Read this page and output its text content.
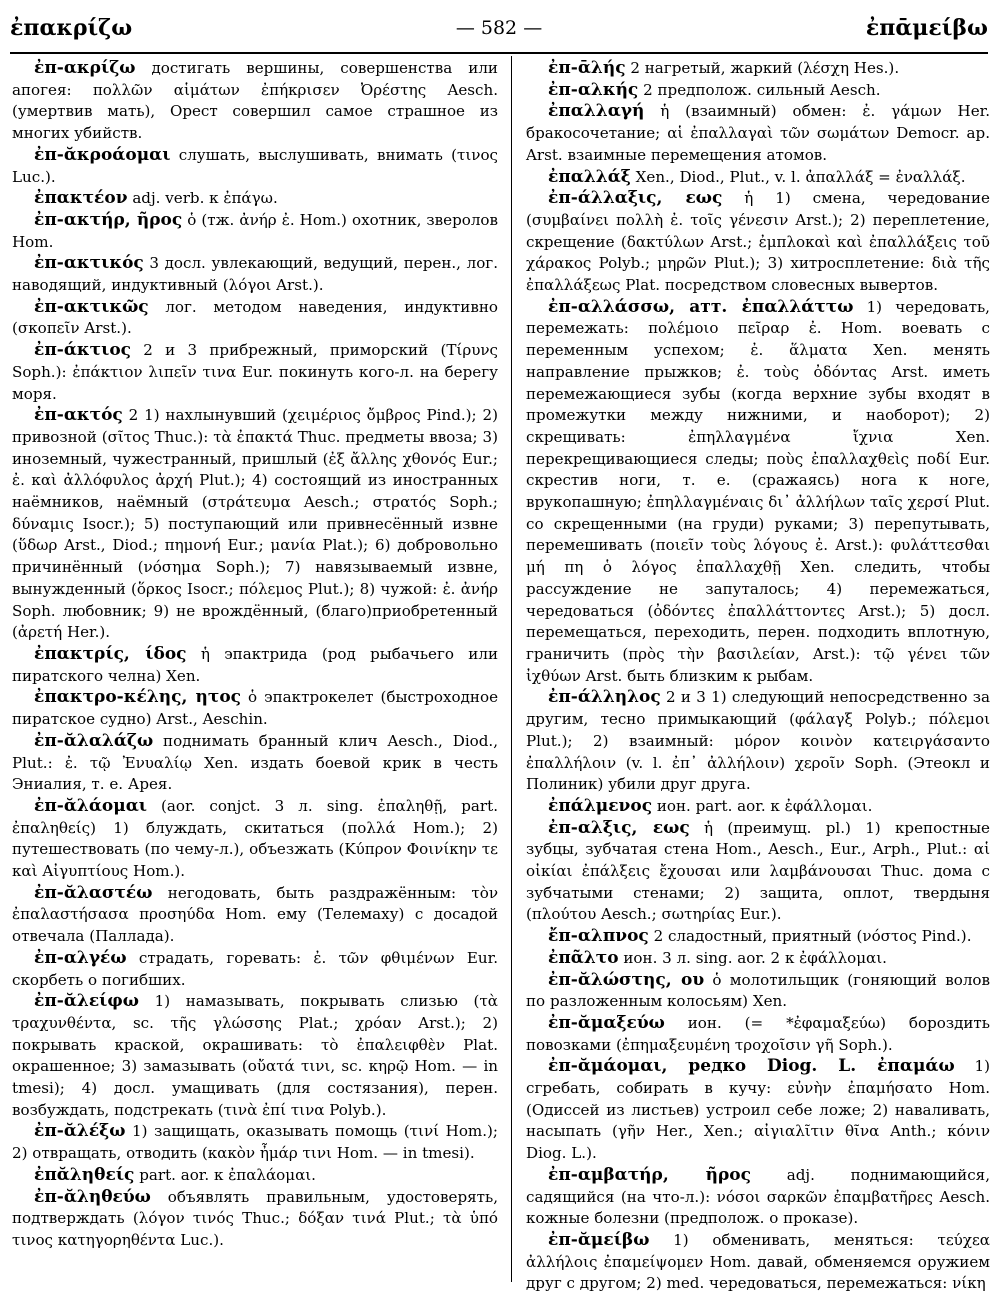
ἐπακρίζω	— 582 —	ἐπᾱμείβω

ἐπ-ακρίζω достигать вершины, совершенства или апогея: πολλῶν αἱμάτων ἐπήκρισεν Ὀρέστης Aesch. (умертвив мать), Орест совершил самое страшное из многих убийств.

ἐπ-ᾰκροάομαι слушать, выслушивать, внимать (τινος Luc.).

ἐπακτέον adj. verb. к ἐπάγω.

ἐπ-ακτήρ, ῆρος ὁ (тж. ἀνήρ ἐ. Hom.) охотник, зверолов Hom.

ἐπ-ακτικός 3 досл. увлекающий, ведущий, перен., лог. наводящий, индуктивный (λόγοι Arst.).

ἐπ-ακτικῶς лог. методом наведения, индуктивно (σκοπεῖν Arst.).

ἐπ-άκτιος 2 и 3 прибрежный, приморский (Τίρυνς Soph.): ἐπάκτιον λιπεῖν τινα Eur. покинуть кого-л. на берегу моря.

ἐπ-ακτός 2 1) нахлынувший (χειμέριος ὄμβρος Pind.); 2) привозной (σῖτος Thuc.): τὰ ἐπακτά Thuc. предметы ввоза; 3) иноземный, чужестранный, пришлый (ἐξ ἄλλης χθονός Eur.; ἐ. καὶ ἀλλόφυλος ἀρχή Plut.); 4) состоящий из иностранных наёмников, наёмный (στράτευμα Aesch.; στρατός Soph.; δύναμις Isocr.); 5) поступающий или привнесённый извне (ὕδωρ Arst., Diod.; πημονή Eur.; μανία Plat.); 6) добровольно причинённый (νόσημα Soph.); 7) навязываемый извне, вынужденный (ὅρκος Isocr.; πόλεμος Plut.); 8) чужой: ἐ. ἀνήρ Soph. любовник; 9) не врождённый, (благо)приобретенный (ἀρετή Her.).

ἐπακτρίς, ίδος ἡ эпактрида (род рыбачьего или пиратского челна) Xen.

ἐπακτρο-κέλης, ητος ὁ эпактрокелет (быстроходное пиратское судно) Arst., Aeschin.

ἐπ-ᾰλαλάζω поднимать бранный клич Aesch., Diod., Plut.: ἐ. τῷ Ἐνυαλίῳ Xen. издать боевой крик в честь Эниалия, т. е. Арея.

ἐπ-ᾰλάομαι (aor. conjct. 3 л. sing. ἐπαληθῇ, part. ἐπαληθείς) 1) блуждать, скитаться (πολλά Hom.); 2) путешествовать (по чему-л.), объезжать (Κύπρον Φοινίκην τε καὶ Αἰγυπτίους Hom.).

ἐπ-ᾰλαστέω негодовать, быть раздражённым: τὸν ἐπαλαστήσασα προσηύδα Hom. ему (Телемаху) с досадой отвечала (Паллада).

ἐπ-αλγέω страдать, горевать: ἐ. τῶν φθιμένων Eur. скорбеть о погибших.

ἐπ-ᾰλείφω 1) намазывать, покрывать слизью (τὰ τραχυνθέντα, sc. τῆς γλώσσης Plat.; χρόαν Arst.); 2) покрывать краской, окрашивать: τὸ ἐπαλειφθὲν Plat. окрашенное; 3) замазывать (οὔατά τινι, sc. κηρῷ Hom. — in tmesi); 4) досл. умащивать (для состязания), перен. возбуждать, подстрекать (τινὰ ἐπί τινα Polyb.).

ἐπ-ᾰλέξω 1) защищать, оказывать помощь (τινί Hom.); 2) отвращать, отводить (κακὸν ἦμάρ τινι Hom. — in tmesi).

ἐπᾰληθείς part. aor. к ἐπαλάομαι.

ἐπ-ᾰληθεύω объявлять правильным, удостоверять, подтверждать (λόγον τινός Thuc.; δόξαν τινά Plut.; τὰ ὑπό τινος κατηγορηθέντα Luc.).

ἐπ-ᾱλής 2 нагретый, жаркий (λέσχη Hes.).

ἐπ-αλκής 2 предполож. сильный Aesch.

ἐπαλλαγή ἡ (взаимный) обмен: ἐ. γάμων Her. бракосочетание; αἱ ἐπαλλαγαὶ τῶν σωμάτων Democr. ap. Arst. взаимные перемещения атомов.

ἐπαλλάξ Xen., Diod., Plut., v. l. ἀπαλλάξ = ἐναλλάξ.

ἐπ-άλλαξις, εως ἡ 1) смена, чередование (συμβαίνει πολλὴ ἐ. τοῖς γένεσιν Arst.); 2) переплетение, скрещение (δακτύλων Arst.; ἐμπλοκαὶ καὶ ἐπαλλάξεις τοῦ χάρακος Polyb.; μηρῶν Plut.); 3) хитросплетение: διὰ τῆς ἐπαλλάξεως Plat. посредством словесных вывертов.

ἐπ-αλλάσσω, атт. ἐπαλλάττω 1) чередовать, перемежать: πολέμοιο πεῖραρ ἐ. Hom. воевать с переменным успехом; ἐ. ἅλματα Xen. менять направление прыжков; ἐ. τοὺς ὀδόντας Arst. иметь перемежающиеся зубы (когда верхние зубы входят в промежутки между нижними, и наоборот); 2) скрещивать: ἐπηλλαγμένα ἴχνια Xen. перекрещивающиеся следы; ποὺς ἐπαλλαχθεὶς ποδί Eur. скрестив ноги, т. е. (сражаясь) нога к ноге, врукопашную; ἐπηλλαγμέναις δι᾽ ἀλλήλων ταῖς χερσί Plut. со скрещенными (на груди) руками; 3) перепутывать, перемешивать (ποιεῖν τοὺς λόγους ἐ. Arst.): φυλάττεσθαι μή πη ὁ λόγος ἐπαλλαχθῇ Xen. следить, чтобы рассуждение не запуталось; 4) перемежаться, чередоваться (ὀδόντες ἐπαλλάττοντες Arst.); 5) досл. перемещаться, переходить, перен. подходить вплотную, граничить (πρὸς τὴν βασιλείαν, Arst.): τῷ γένει τῶν ἰχθύων Arst. быть близким к рыбам.

ἐπ-άλληλος 2 и 3 1) следующий непосредственно за другим, тесно примыкающий (φάλαγξ Polyb.; πόλεμοι Plut.); 2) взаимный: μόρον κοινὸν κατειργάσαντο ἐπαλλήλοιν (v. l. ἐπ᾽ ἀλλήλοιν) χεροῖν Soph. (Этеокл и Полиник) убили друг друга.

ἐπάλμενος ион. part. aor. к ἐφάλλομαι.

ἐπ-αλξις, εως ἡ (преимущ. pl.) 1) крепостные зубцы, зубчатая стена Hom., Aesch., Eur., Arph., Plut.: αἱ οἰκίαι ἐπάλξεις ἔχουσαι или λαμβάνουσαι Thuc. дома с зубчатыми стенами; 2) защита, оплот, твердыня (πλούτου Aesch.; σωτηρίας Eur.).

ἔπ-αλπνος 2 сладостный, приятный (νόστος Pind.).

ἐπᾶλτο ион. 3 л. sing. aor. 2 к ἐφάλλομαι.

ἐπ-ᾰλώστης, ου ὁ молотильщик (гоняющий волов по разложенным колосьям) Xen.

ἐπ-ᾰμαξεύω ион. (= *ἐφαμαξεύω) бороздить повозками (ἐπημαξευμένη τροχοῖσιν γῆ Soph.).

ἐπ-ᾰμάομαι, редко Diog. L. ἐπαμάω 1) сгребать, собирать в кучу: εὐνὴν ἐπαμήσατο Hom. (Одиссей из листьев) устроил себе ложе; 2) наваливать, насыпать (γῆν Her., Xen.; αἰγιαλῖτιν θῖνα Anth.; κόνιν Diog. L.).

ἐπ-αμβατήρ, ῆρος adj. поднимающийся, садящийся (на что-л.): νόσοι σαρκῶν ἐπαμβατῆρες Aesch. кожные болезни (предполож. о проказе).

ἐπ-ᾰμείβω 1) обменивать, меняться: τεύχεα ἀλλήλοις ἐπαμείψομεν Hom. давай, обменяемся оружием друг с другом; 2) med. чередоваться, перемежаться: νίκη
